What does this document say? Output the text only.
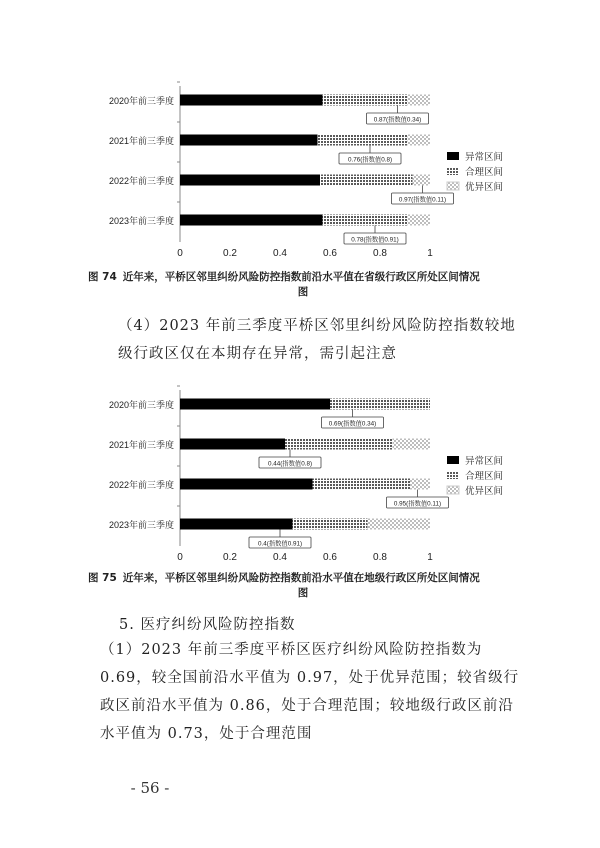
2020年前三季度
0.87(指数值0.34)
2021年前三季度
0.76(指数值0.8)
2022年前三季度
0.97(指数值0.11)
2023年前三季度
0.78(指数值0.91)
0	0.2	0.4	0.6	0.8	1
异常区间
合理区间
优异区间
图 74 近年来，平桥区邻里纠纷风险防控指数前沿水平值在省级行政区所处区间情况
图
（4）2023 年前三季度平桥区邻里纠纷风险防控指数较地级行政区仅在本期存在异常，需引起注意
2020年前三季度
0.69(指数值0.34)
2021年前三季度
0.44(指数值0.8)
2022年前三季度
0.95(指数值0.11)
2023年前三季度
0.4(指数值0.91)
0	0.2	0.4	0.6	0.8	1
异常区间
合理区间
优异区间
图 75 近年来，平桥区邻里纠纷风险防控指数前沿水平值在地级行政区所处区间情况
图
5. 医疗纠纷风险防控指数
（1）2023 年前三季度平桥区医疗纠纷风险防控指数为 0.69，较全国前沿水平值为 0.97，处于优异范围；较省级行政区前沿水平值为 0.86，处于合理范围；较地级行政区前沿水平值为 0.73，处于合理范围
- 56 -
